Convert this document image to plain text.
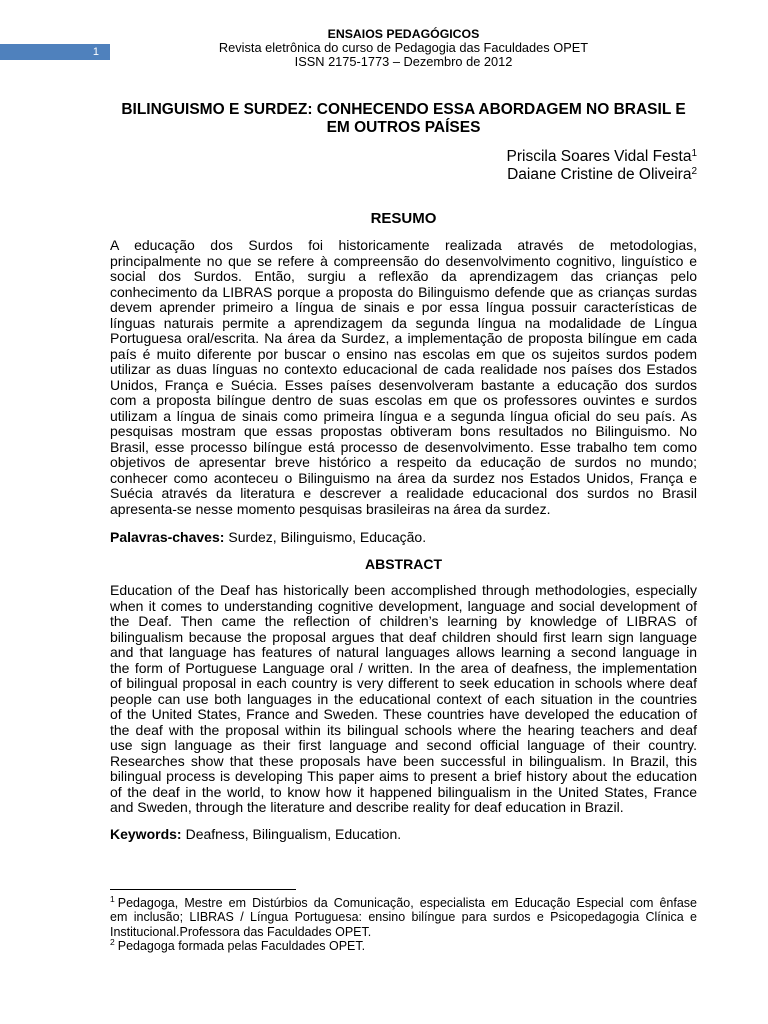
1
ENSAIOS PEDAGÓGICOS
Revista eletrônica do curso de Pedagogia das Faculdades OPET
ISSN 2175-1773 – Dezembro de 2012
BILINGUISMO E SURDEZ: CONHECENDO ESSA ABORDAGEM NO BRASIL E
EM OUTROS PAÍSES
Priscila Soares Vidal Festa$^1$
Daiane Cristine de Oliveira$^2$
RESUMO
A educação dos Surdos foi historicamente realizada através de metodologias,
principalmente no que se refere à compreensão do desenvolvimento cognitivo, linguístico e
social dos Surdos. Então, surgiu a reflexão da aprendizagem das crianças pelo
conhecimento da LIBRAS porque a proposta do Bilinguismo defende que as crianças surdas
devem aprender primeiro a língua de sinais e por essa língua possuir características de
línguas naturais permite a aprendizagem da segunda língua na modalidade de Língua
Portuguesa oral/escrita. Na área da Surdez, a implementação de proposta bilíngue em cada
país é muito diferente por buscar o ensino nas escolas em que os sujeitos surdos podem
utilizar as duas línguas no contexto educacional de cada realidade nos países dos Estados
Unidos, França e Suécia. Esses países desenvolveram bastante a educação dos surdos
com a proposta bilíngue dentro de suas escolas em que os professores ouvintes e surdos
utilizam a língua de sinais como primeira língua e a segunda língua oficial do seu país. As
pesquisas mostram que essas propostas obtiveram bons resultados no Bilinguismo. No
Brasil, esse processo bilíngue está processo de desenvolvimento. Esse trabalho tem como
objetivos de apresentar breve histórico a respeito da educação de surdos no mundo;
conhecer como aconteceu o Bilinguismo na área da surdez nos Estados Unidos, França e
Suécia através da literatura e descrever a realidade educacional dos surdos no Brasil
apresenta-se nesse momento pesquisas brasileiras na área da surdez.
Palavras-chaves: Surdez, Bilinguismo, Educação.
ABSTRACT
Education of the Deaf has historically been accomplished through methodologies, especially
when it comes to understanding cognitive development, language and social development of
the Deaf. Then came the reflection of children’s learning by knowledge of LIBRAS of
bilingualism because the proposal argues that deaf children should first learn sign language
and that language has features of natural languages allows learning a second language in
the form of Portuguese Language oral / written. In the area of deafness, the implementation
of bilingual proposal in each country is very different to seek education in schools where deaf
people can use both languages in the educational context of each situation in the countries
of the United States, France and Sweden. These countries have developed the education of
the deaf with the proposal within its bilingual schools where the hearing teachers and deaf
use sign language as their first language and second official language of their country.
Researches show that these proposals have been successful in bilingualism. In Brazil, this
bilingual process is developing This paper aims to present a brief history about the education
of the deaf in the world, to know how it happened bilingualism in the United States, France
and Sweden, through the literature and describe reality for deaf education in Brazil.
Keywords: Deafness, Bilingualism, Education.
$^1$ Pedagoga, Mestre em Distúrbios da Comunicação, especialista em Educação Especial com ênfase
em inclusão; LIBRAS / Língua Portuguesa: ensino bilíngue para surdos e Psicopedagogia Clínica e
Institucional.Professora das Faculdades OPET.
$^2$ Pedagoga formada pelas Faculdades OPET.
